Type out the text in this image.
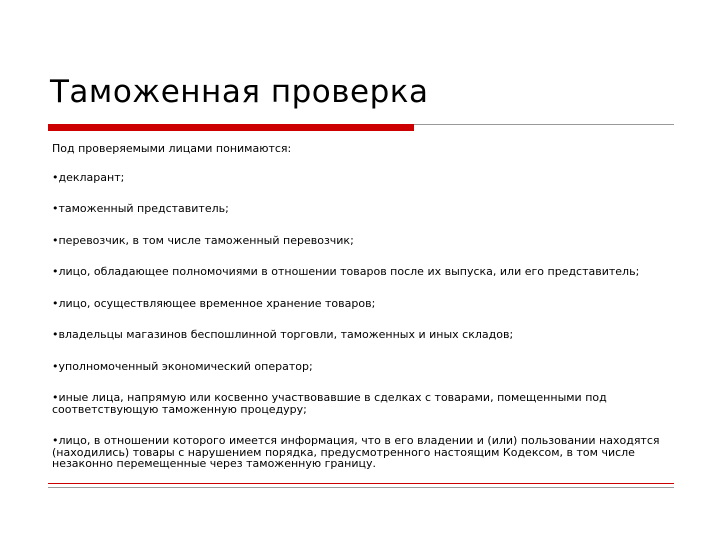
Таможенная проверка
Под проверяемыми лицами понимаются:
•декларант;
•таможенный представитель;
•перевозчик, в том числе таможенный перевозчик;
•лицо, обладающее полномочиями в отношении товаров после их выпуска, или его представитель;
•лицо, осуществляющее временное хранение товаров;
•владельцы магазинов беспошлинной торговли, таможенных и иных складов;
•уполномоченный экономический оператор;
•иные лица, напрямую или косвенно участвовавшие в сделках с товарами, помещенными под соответствующую таможенную процедуру;
•лицо, в отношении которого имеется информация, что в его владении и (или) пользовании находятся (находились) товары с нарушением порядка, предусмотренного настоящим Кодексом, в том числе незаконно перемещенные через таможенную границу.
